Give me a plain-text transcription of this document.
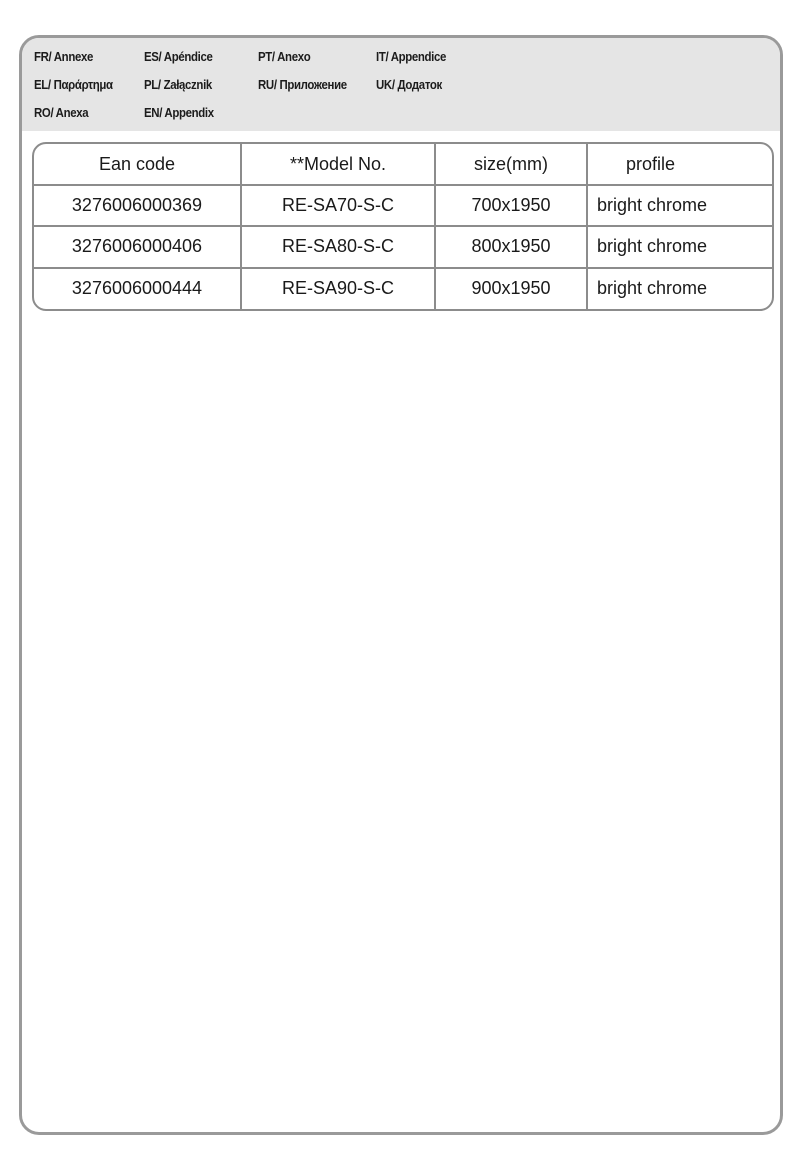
FR/ Annexe	ES/ Apéndice	PT/ Anexo	IT/ Appendice
EL/ Παράρτημα PL/ Załącznik	RU/ Приложение UK/ Додаток
RO/ Anexa	EN/ Appendix
Ean code	**Model No.	size(mm)	profile
3276006000369	RE-SA70-S-C	700x1950	bright chrome
3276006000406	RE-SA80-S-C	800x1950	bright chrome
3276006000444	RE-SA90-S-C	900x1950	bright chrome
